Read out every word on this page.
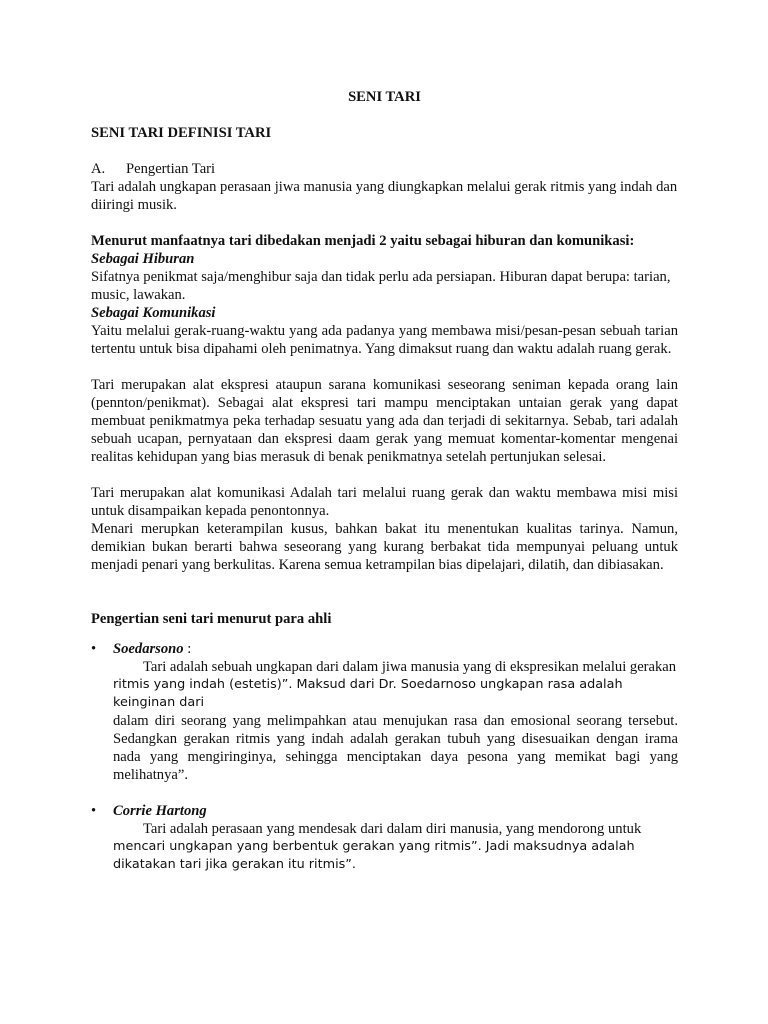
SENI TARI

SENI TARI DEFINISI TARI

A.	Pengertian Tari

Tari adalah ungkapan perasaan jiwa manusia yang diungkapkan melalui gerak ritmis yang indah dan diiringi musik.

Menurut manfaatnya tari dibedakan menjadi 2 yaitu sebagai hiburan dan komunikasi:

Sebagai Hiburan

Sifatnya penikmat saja/menghibur saja dan tidak perlu ada persiapan. Hiburan dapat berupa: tarian, music, lawakan.

Sebagai Komunikasi

Yaitu melalui gerak-ruang-waktu yang ada padanya yang membawa misi/pesan-pesan sebuah tarian tertentu untuk bisa dipahami oleh penimatnya. Yang dimaksut ruang dan waktu adalah ruang gerak.

Tari merupakan alat ekspresi ataupun sarana komunikasi seseorang seniman kepada orang lain (pennton/penikmat). Sebagai alat ekspresi tari mampu menciptakan untaian gerak yang dapat membuat penikmatmya peka terhadap sesuatu yang ada dan terjadi di sekitarnya. Sebab, tari adalah sebuah ucapan, pernyataan dan ekspresi daam gerak yang memuat komentar-komentar mengenai realitas kehidupan yang bias merasuk di benak penikmatnya setelah pertunjukan selesai.

Tari merupakan alat komunikasi Adalah tari melalui ruang gerak dan waktu membawa misi misi untuk disampaikan kepada penontonnya.

Menari merupkan keterampilan kusus, bahkan bakat itu menentukan kualitas tarinya. Namun, demikian bukan berarti bahwa seseorang yang kurang berbakat tida mempunyai peluang untuk menjadi penari yang berkulitas. Karena semua ketrampilan bias dipelajari, dilatih, dan dibiasakan.

Pengertian seni tari menurut para ahli

• Soedarsono :

Tari adalah sebuah ungkapan dari dalam jiwa manusia yang di ekspresikan melalui gerakan

ritmis yang indah (estetis)”. Maksud dari Dr. Soedarnoso ungkapan rasa adalah keinginan dari

dalam diri seorang yang melimpahkan atau menujukan rasa dan emosional seorang tersebut. Sedangkan gerakan ritmis yang indah adalah gerakan tubuh yang disesuaikan dengan irama nada yang mengiringinya, sehingga menciptakan daya pesona yang memikat bagi yang melihatnya”.

• Corrie Hartong

Tari adalah perasaan yang mendesak dari dalam diri manusia, yang mendorong untuk

mencari ungkapan yang berbentuk gerakan yang ritmis”. Jadi maksudnya adalah dikatakan tari jika gerakan itu ritmis”.
